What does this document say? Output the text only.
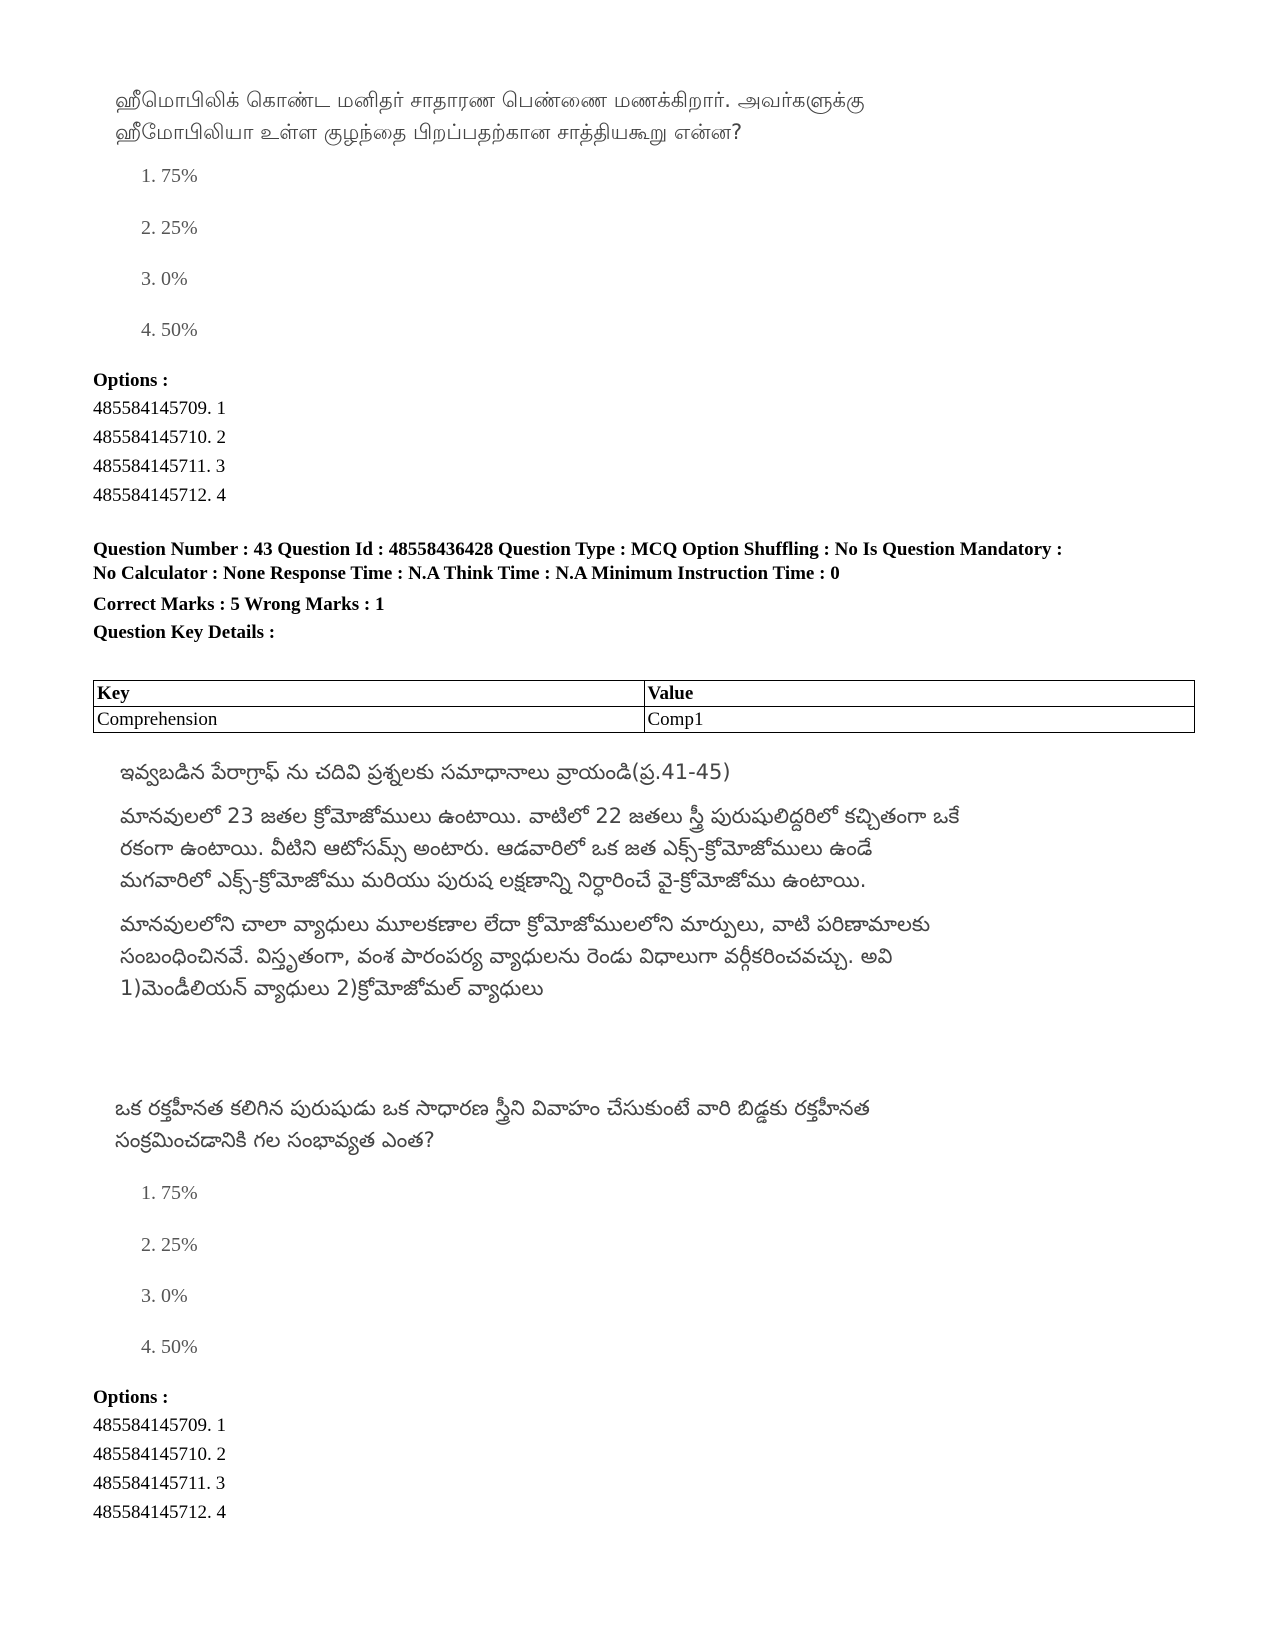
ஹீமொபிலிக் கொண்ட மனிதர் சாதாரண பெண்ணை மணக்கிறார். அவர்களுக்கு
ஹீமோபிலியா உள்ள குழந்தை பிறப்பதற்கான சாத்தியகூறு என்ன?
1. 75%
2. 25%
3. 0%
4. 50%
Options :
485584145709. 1
485584145710. 2
485584145711. 3
485584145712. 4
Question Number : 43 Question Id : 48558436428 Question Type : MCQ Option Shuffling : No Is Question Mandatory :
No Calculator : None Response Time : N.A Think Time : N.A Minimum Instruction Time : 0
Correct Marks : 5 Wrong Marks : 1
Question Key Details :
Key	Value
Comprehension	Comp1
ఇవ్వబడిన పేరాగ్రాఫ్ ను చదివి ప్రశ్నలకు సమాధానాలు వ్రాయండి(ప్ర.41-45)
మానవులలో 23 జతల క్రోమోజోములు ఉంటాయి. వాటిలో 22 జతలు స్త్రీ పురుషులిద్దరిలో కచ్చితంగా ఒకే
రకంగా ఉంటాయి. వీటిని ఆటోసమ్స్ అంటారు. ఆడవారిలో ఒక జత ఎక్స్-క్రోమోజోములు ఉండే
మగవారిలో ఎక్స్-క్రోమోజోము మరియు పురుష లక్షణాన్ని నిర్ధారించే వై-క్రోమోజోము ఉంటాయి.
మానవులలోని చాలా వ్యాధులు మూలకణాల లేదా క్రోమోజోములలోని మార్పులు, వాటి పరిణామాలకు
సంబంధించినవే. విస్తృతంగా, వంశ పారంపర్య వ్యాధులను రెండు విధాలుగా వర్గీకరించవచ్చు. అవి
1)మెండీలియన్ వ్యాధులు 2)క్రోమోజోమల్ వ్యాధులు
ఒక రక్తహీనత కలిగిన పురుషుడు ఒక సాధారణ స్త్రీని వివాహం చేసుకుంటే వారి బిడ్డకు రక్తహీనత
సంక్రమించడానికి గల సంభావ్యత ఎంత?
1. 75%
2. 25%
3. 0%
4. 50%
Options :
485584145709. 1
485584145710. 2
485584145711. 3
485584145712. 4
